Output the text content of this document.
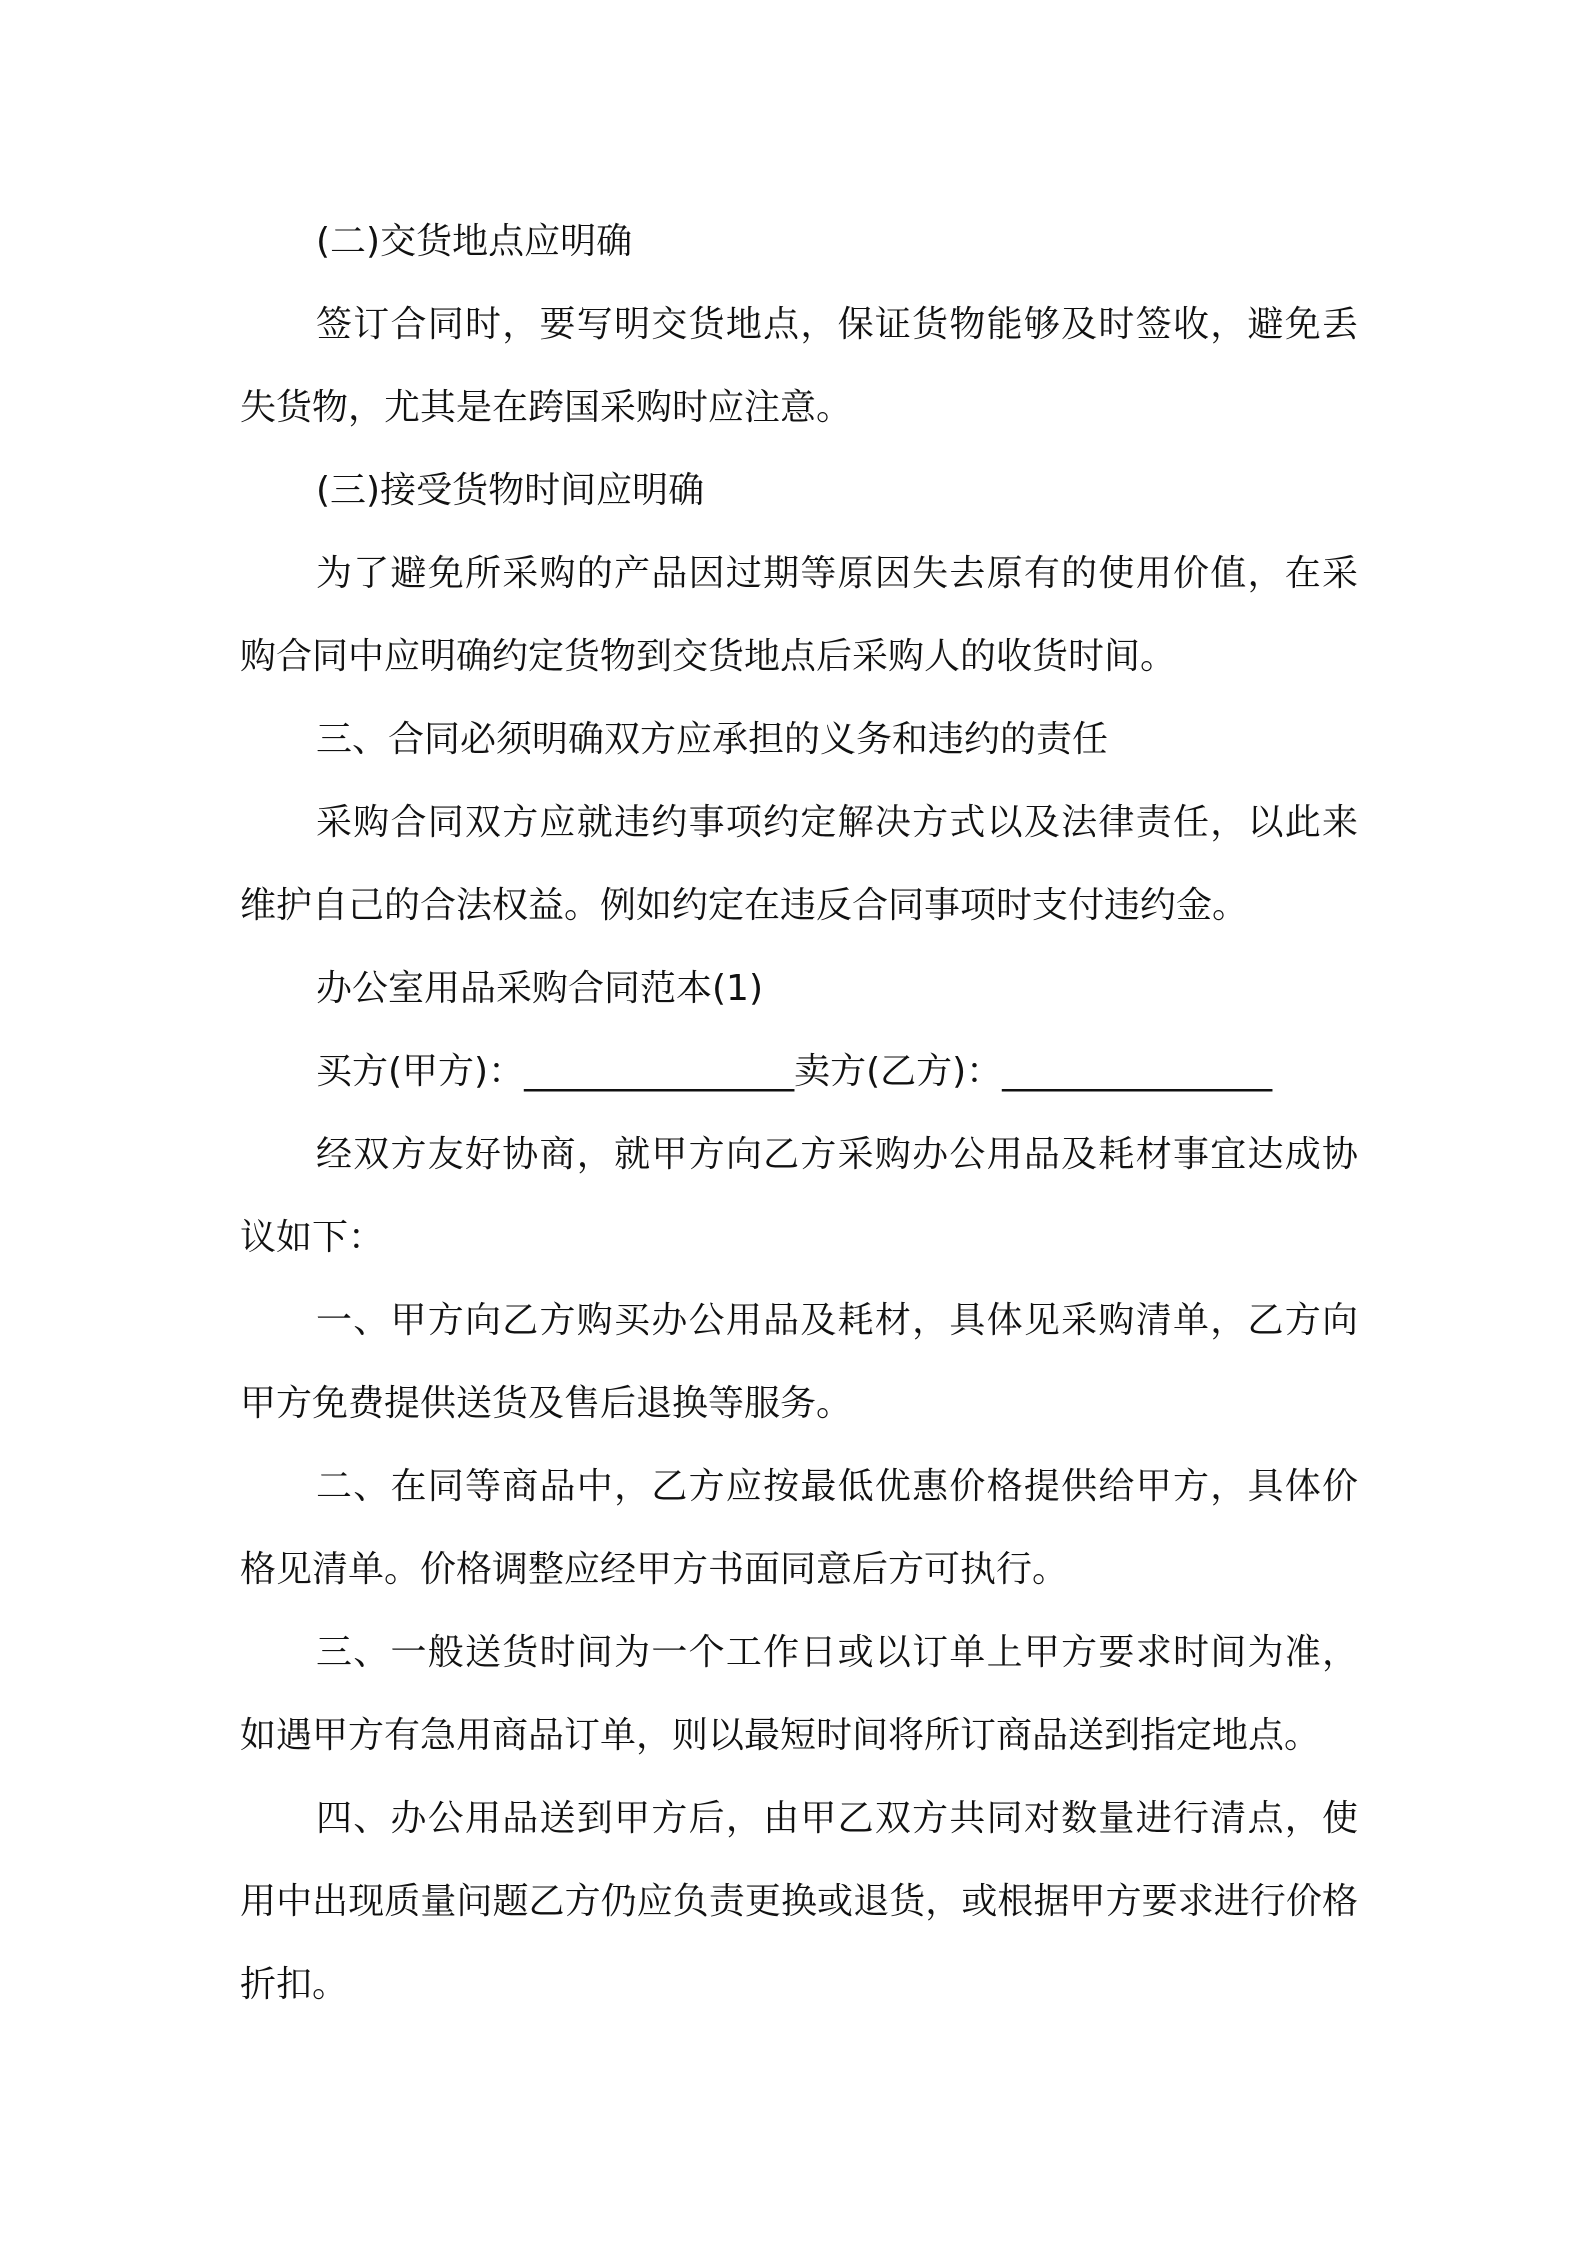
(二)交货地点应明确

签订合同时，要写明交货地点，保证货物能够及时签收，避免丢失货物，尤其是在跨国采购时应注意。

(三)接受货物时间应明确

为了避免所采购的产品因过期等原因失去原有的使用价值，在采购合同中应明确约定货物到交货地点后采购人的收货时间。

三、合同必须明确双方应承担的义务和违约的责任

采购合同双方应就违约事项约定解决方式以及法律责任，以此来维护自己的合法权益。例如约定在违反合同事项时支付违约金。

办公室用品采购合同范本(1)

买方(甲方)：_______________卖方(乙方)：_______________

经双方友好协商，就甲方向乙方采购办公用品及耗材事宜达成协议如下：

一、甲方向乙方购买办公用品及耗材，具体见采购清单，乙方向甲方免费提供送货及售后退换等服务。

二、在同等商品中，乙方应按最低优惠价格提供给甲方，具体价格见清单。价格调整应经甲方书面同意后方可执行。

三、一般送货时间为一个工作日或以订单上甲方要求时间为准，如遇甲方有急用商品订单，则以最短时间将所订商品送到指定地点。

四、办公用品送到甲方后，由甲乙双方共同对数量进行清点，使用中出现质量问题乙方仍应负责更换或退货，或根据甲方要求进行价格折扣。
